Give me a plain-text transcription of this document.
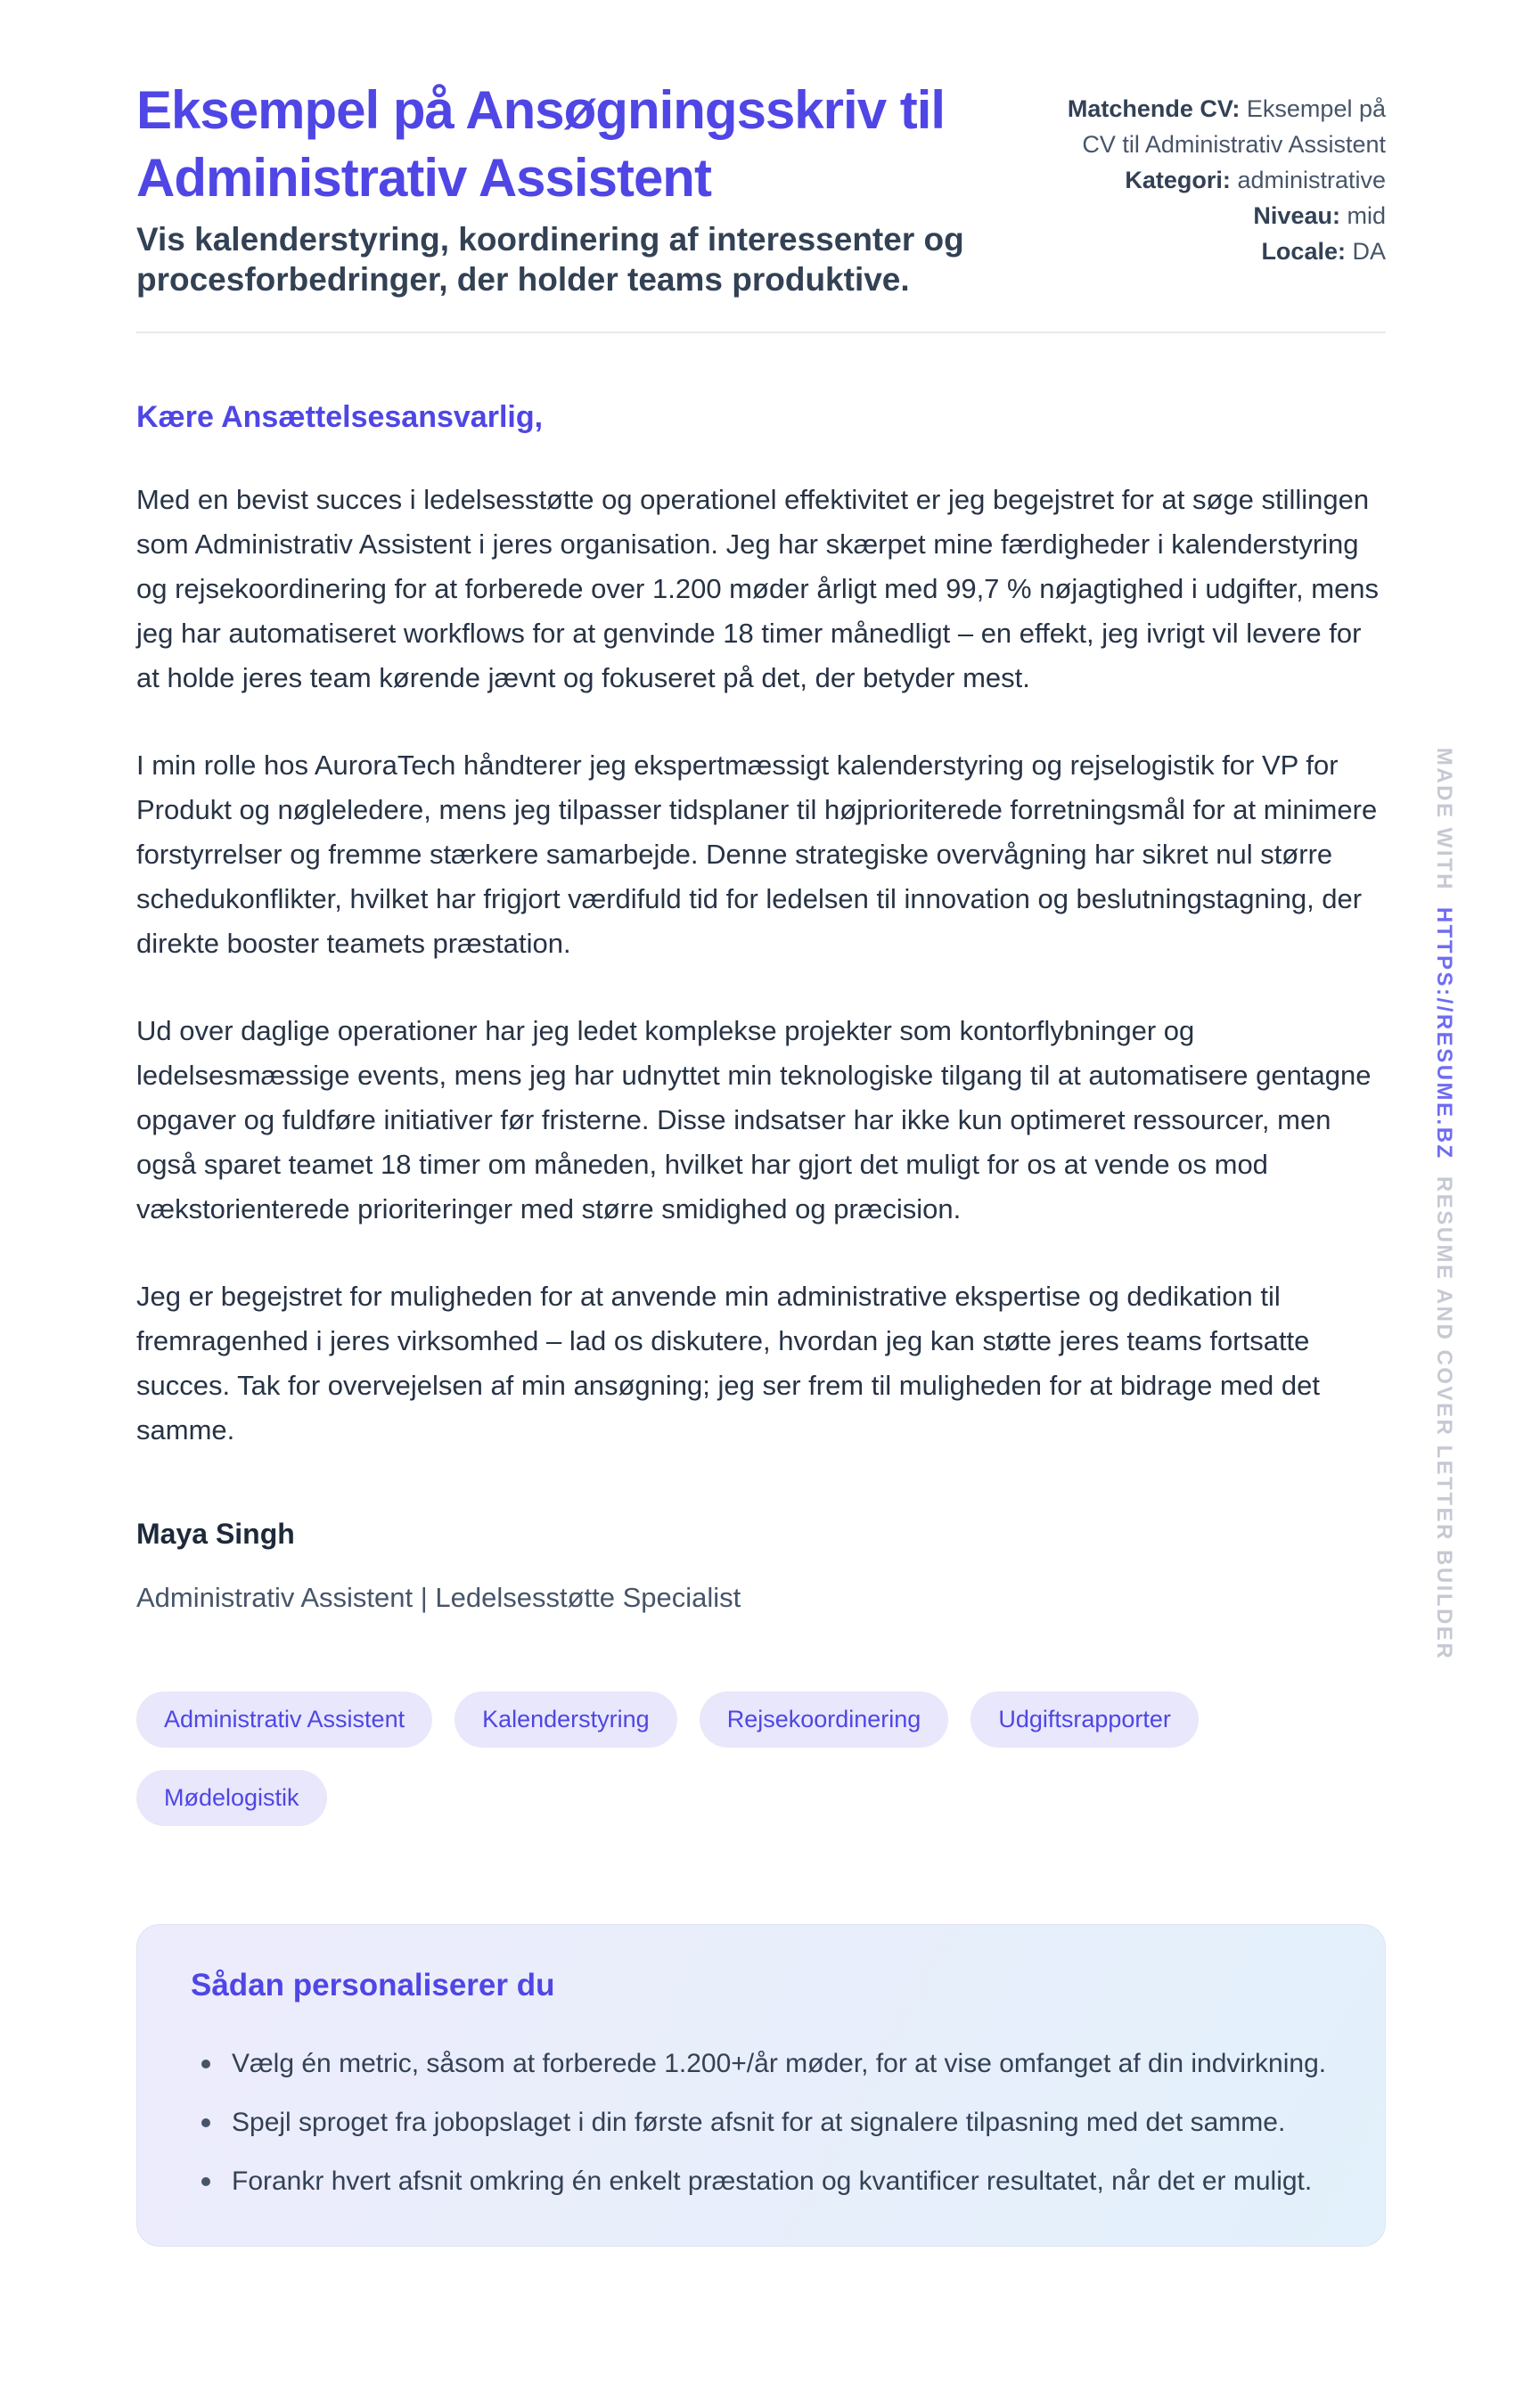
Eksempel på Ansøgningsskriv til Administrativ Assistent

Vis kalenderstyring, koordinering af interessenter og procesforbedringer, der holder teams produktive.

Matchende CV: Eksempel på CV til Administrativ Assistent

Kategori: administrative

Niveau: mid

Locale: DA

Kære Ansættelsesansvarlig,

Med en bevist succes i ledelsesstøtte og operationel effektivitet er jeg begejstret for at søge stillingen som Administrativ Assistent i jeres organisation. Jeg har skærpet mine færdigheder i kalenderstyring og rejsekoordinering for at forberede over 1.200 møder årligt med 99,7 % nøjagtighed i udgifter, mens jeg har automatiseret workflows for at genvinde 18 timer månedligt – en effekt, jeg ivrigt vil levere for at holde jeres team kørende jævnt og fokuseret på det, der betyder mest.

I min rolle hos AuroraTech håndterer jeg ekspertmæssigt kalenderstyring og rejselogistik for VP for Produkt og nøgleledere, mens jeg tilpasser tidsplaner til højprioriterede forretningsmål for at minimere forstyrrelser og fremme stærkere samarbejde. Denne strategiske overvågning har sikret nul større schedukonflikter, hvilket har frigjort værdifuld tid for ledelsen til innovation og beslutningstagning, der direkte booster teamets præstation.

Ud over daglige operationer har jeg ledet komplekse projekter som kontorflybninger og ledelsesmæssige events, mens jeg har udnyttet min teknologiske tilgang til at automatisere gentagne opgaver og fuldføre initiativer før fristerne. Disse indsatser har ikke kun optimeret ressourcer, men også sparet teamet 18 timer om måneden, hvilket har gjort det muligt for os at vende os mod vækstorienterede prioriteringer med større smidighed og præcision.

Jeg er begejstret for muligheden for at anvende min administrative ekspertise og dedikation til fremragenhed i jeres virksomhed – lad os diskutere, hvordan jeg kan støtte jeres teams fortsatte succes. Tak for overvejelsen af min ansøgning; jeg ser frem til muligheden for at bidrage med det samme.

Maya Singh

Administrativ Assistent | Ledelsesstøtte Specialist

Administrativ Assistent	Kalenderstyring	Rejsekoordinering	Udgiftsrapporter
Mødelogistik
Sådan personaliserer du
Vælg én metric, såsom at forberede 1.200+/år møder, for at vise omfanget af din indvirkning.
Spejl sproget fra jobopslaget i din første afsnit for at signalere tilpasning med det samme.
Forankr hvert afsnit omkring én enkelt præstation og kvantificer resultatet, når det er muligt.
MADE WITHHTTPS://RESUME.BZRESUME AND COVER LETTER BUILDER
